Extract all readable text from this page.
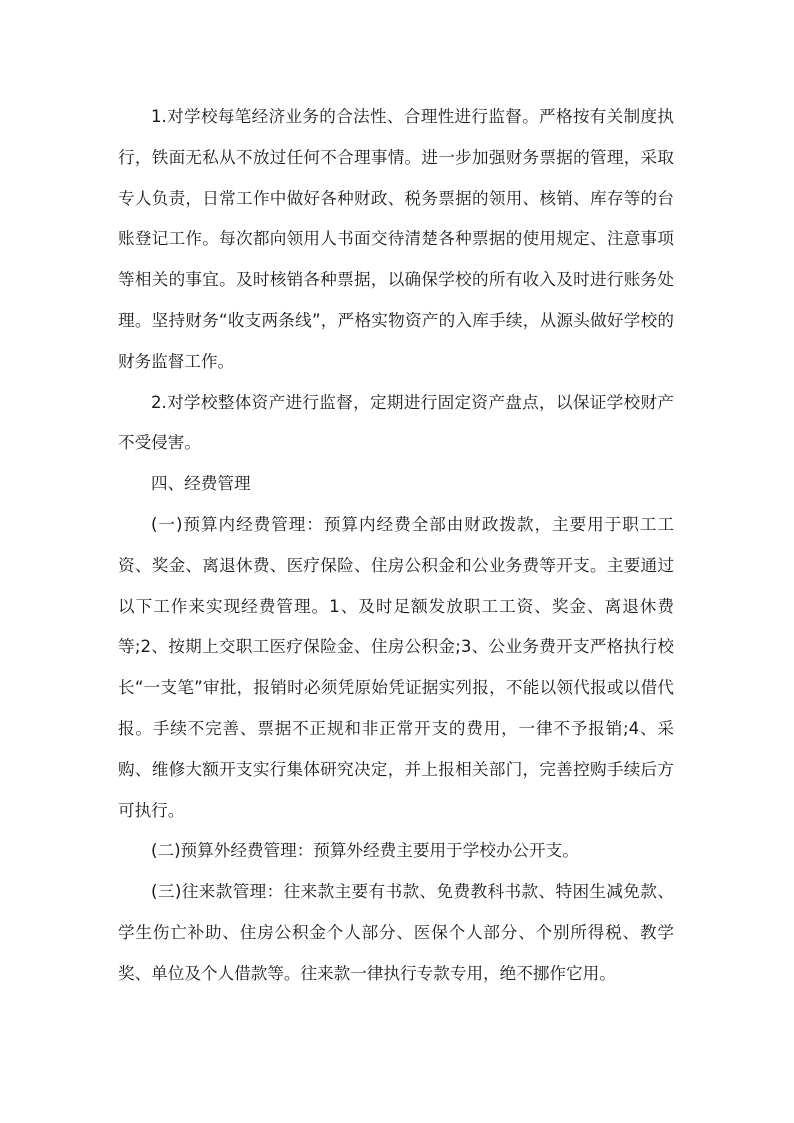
1.对学校每笔经济业务的合法性、合理性进行监督。严格按有关制度执行，铁面无私从不放过任何不合理事情。进一步加强财务票据的管理，采取专人负责，日常工作中做好各种财政、税务票据的领用、核销、库存等的台账登记工作。每次都向领用人书面交待清楚各种票据的使用规定、注意事项等相关的事宜。及时核销各种票据，以确保学校的所有收入及时进行账务处理。坚持财务“收支两条线”，严格实物资产的入库手续，从源头做好学校的财务监督工作。

2.对学校整体资产进行监督，定期进行固定资产盘点，以保证学校财产不受侵害。

四、经费管理

(一)预算内经费管理：预算内经费全部由财政拨款，主要用于职工工资、奖金、离退休费、医疗保险、住房公积金和公业务费等开支。主要通过以下工作来实现经费管理。1、及时足额发放职工工资、奖金、离退休费等;2、按期上交职工医疗保险金、住房公积金;3、公业务费开支严格执行校长“一支笔”审批，报销时必须凭原始凭证据实列报，不能以领代报或以借代报。手续不完善、票据不正规和非正常开支的费用，一律不予报销;4、采购、维修大额开支实行集体研究决定，并上报相关部门，完善控购手续后方可执行。

(二)预算外经费管理：预算外经费主要用于学校办公开支。

(三)往来款管理：往来款主要有书款、免费教科书款、特困生减免款、学生伤亡补助、住房公积金个人部分、医保个人部分、个别所得税、教学奖、单位及个人借款等。往来款一律执行专款专用，绝不挪作它用。
